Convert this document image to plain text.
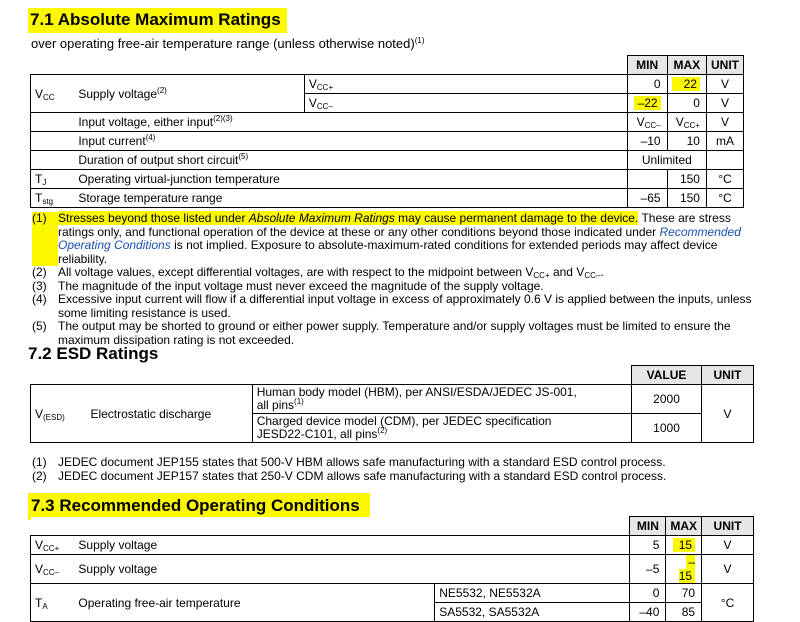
7.1 Absolute Maximum Ratings
over operating free-air temperature range (unless otherwise noted)$^{(1)}$
			MIN	MAX	UNIT
$V_{CC}$	Supply voltage$^{(2)}$	$V_{CC+}$	0	22	V
		$V_{CC-}$	–22	0	V
	Input voltage, either input$^{(2)(3)}$		$V_{CC-}$	$V_{CC+}$	V
	Input current$^{(4)}$		–10	10	mA
	Duration of output short circuit$^{(5)}$		Unlimited		
$T_J$	Operating virtual-junction temperature			150	°C
$T_{stg}$	Storage temperature range		–65	150	°C
(1) Stresses beyond those listed under Absolute Maximum Ratings may cause permanent damage to the device. These are stress ratings only, and functional operation of the device at these or any other conditions beyond those indicated under Recommended Operating Conditions is not implied. Exposure to absolute-maximum-rated conditions for extended periods may affect device reliability.
(2) All voltage values, except differential voltages, are with respect to the midpoint between $V_{CC+}$ and $V_{CC-}$.
(3) The magnitude of the input voltage must never exceed the magnitude of the supply voltage.
(4) Excessive input current will flow if a differential input voltage in excess of approximately 0.6 V is applied between the inputs, unless some limiting resistance is used.
(5) The output may be shorted to ground or either power supply. Temperature and/or supply voltages must be limited to ensure the maximum dissipation rating is not exceeded.
7.2 ESD Ratings
			VALUE	UNIT
$V_{(ESD)}$	Electrostatic discharge	Human body model (HBM), per ANSI/ESDA/JEDEC JS-001, all pins$^{(1)}$	2000	V
		Charged device model (CDM), per JEDEC specification JESD22-C101, all pins$^{(2)}$	1000	
(1) JEDEC document JEP155 states that 500-V HBM allows safe manufacturing with a standard ESD control process.
(2) JEDEC document JEP157 states that 250-V CDM allows safe manufacturing with a standard ESD control process.
7.3 Recommended Operating Conditions
			MIN	MAX	UNIT
$V_{CC+}$	Supply voltage		5	15	V
$V_{CC-}$	Supply voltage		–5	–15	V
$T_A$	Operating free-air temperature	NE5532, NE5532A	0	70	°C
		SA5532, SA5532A	–40	85	
